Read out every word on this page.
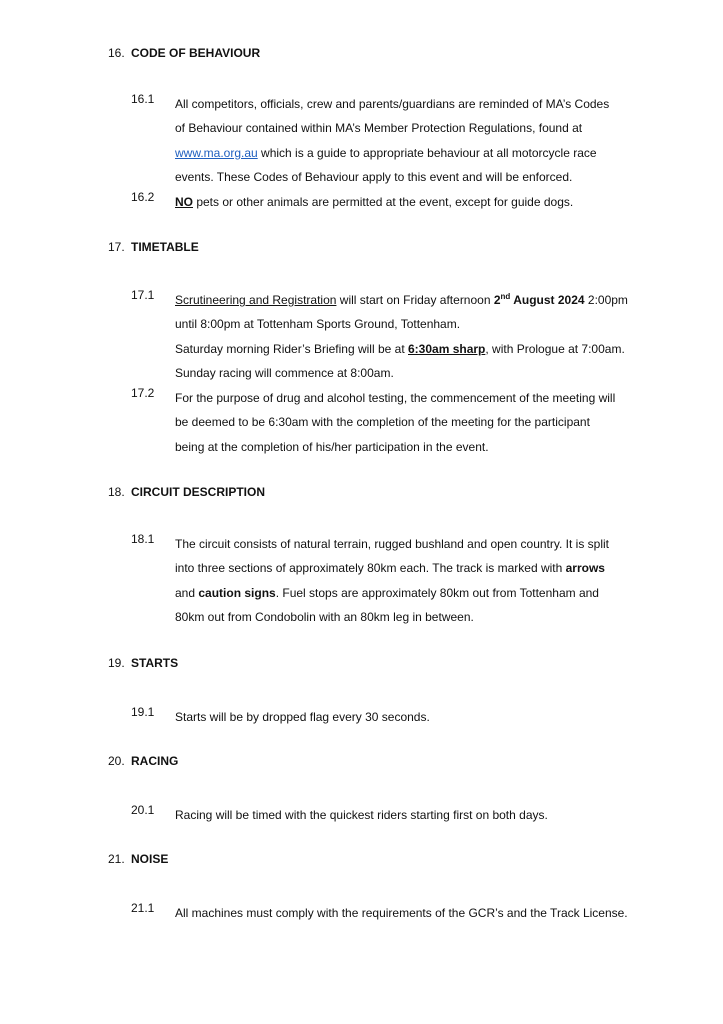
16. CODE OF BEHAVIOUR
16.1	All competitors, officials, crew and parents/guardians are reminded of MA’s Codes
of Behaviour contained within MA’s Member Protection Regulations, found at
www.ma.org.au which is a guide to appropriate behaviour at all motorcycle race
events. These Codes of Behaviour apply to this event and will be enforced.
16.2	NO pets or other animals are permitted at the event, except for guide dogs.
17. TIMETABLE
17.1	Scrutineering and Registration will start on Friday afternoon 2nd August 2024 2:00pm
until 8:00pm at Tottenham Sports Ground, Tottenham.
Saturday morning Rider’s Briefing will be at 6:30am sharp, with Prologue at 7:00am.
Sunday racing will commence at 8:00am.
17.2	For the purpose of drug and alcohol testing, the commencement of the meeting will
be deemed to be 6:30am with the completion of the meeting for the participant
being at the completion of his/her participation in the event.
18. CIRCUIT DESCRIPTION
18.1	The circuit consists of natural terrain, rugged bushland and open country. It is split
into three sections of approximately 80km each. The track is marked with arrows
and caution signs. Fuel stops are approximately 80km out from Tottenham and
80km out from Condobolin with an 80km leg in between.
19. STARTS
19.1	Starts will be by dropped flag every 30 seconds.
20. RACING
20.1	Racing will be timed with the quickest riders starting first on both days.
21. NOISE
21.1	All machines must comply with the requirements of the GCR’s and the Track License.
